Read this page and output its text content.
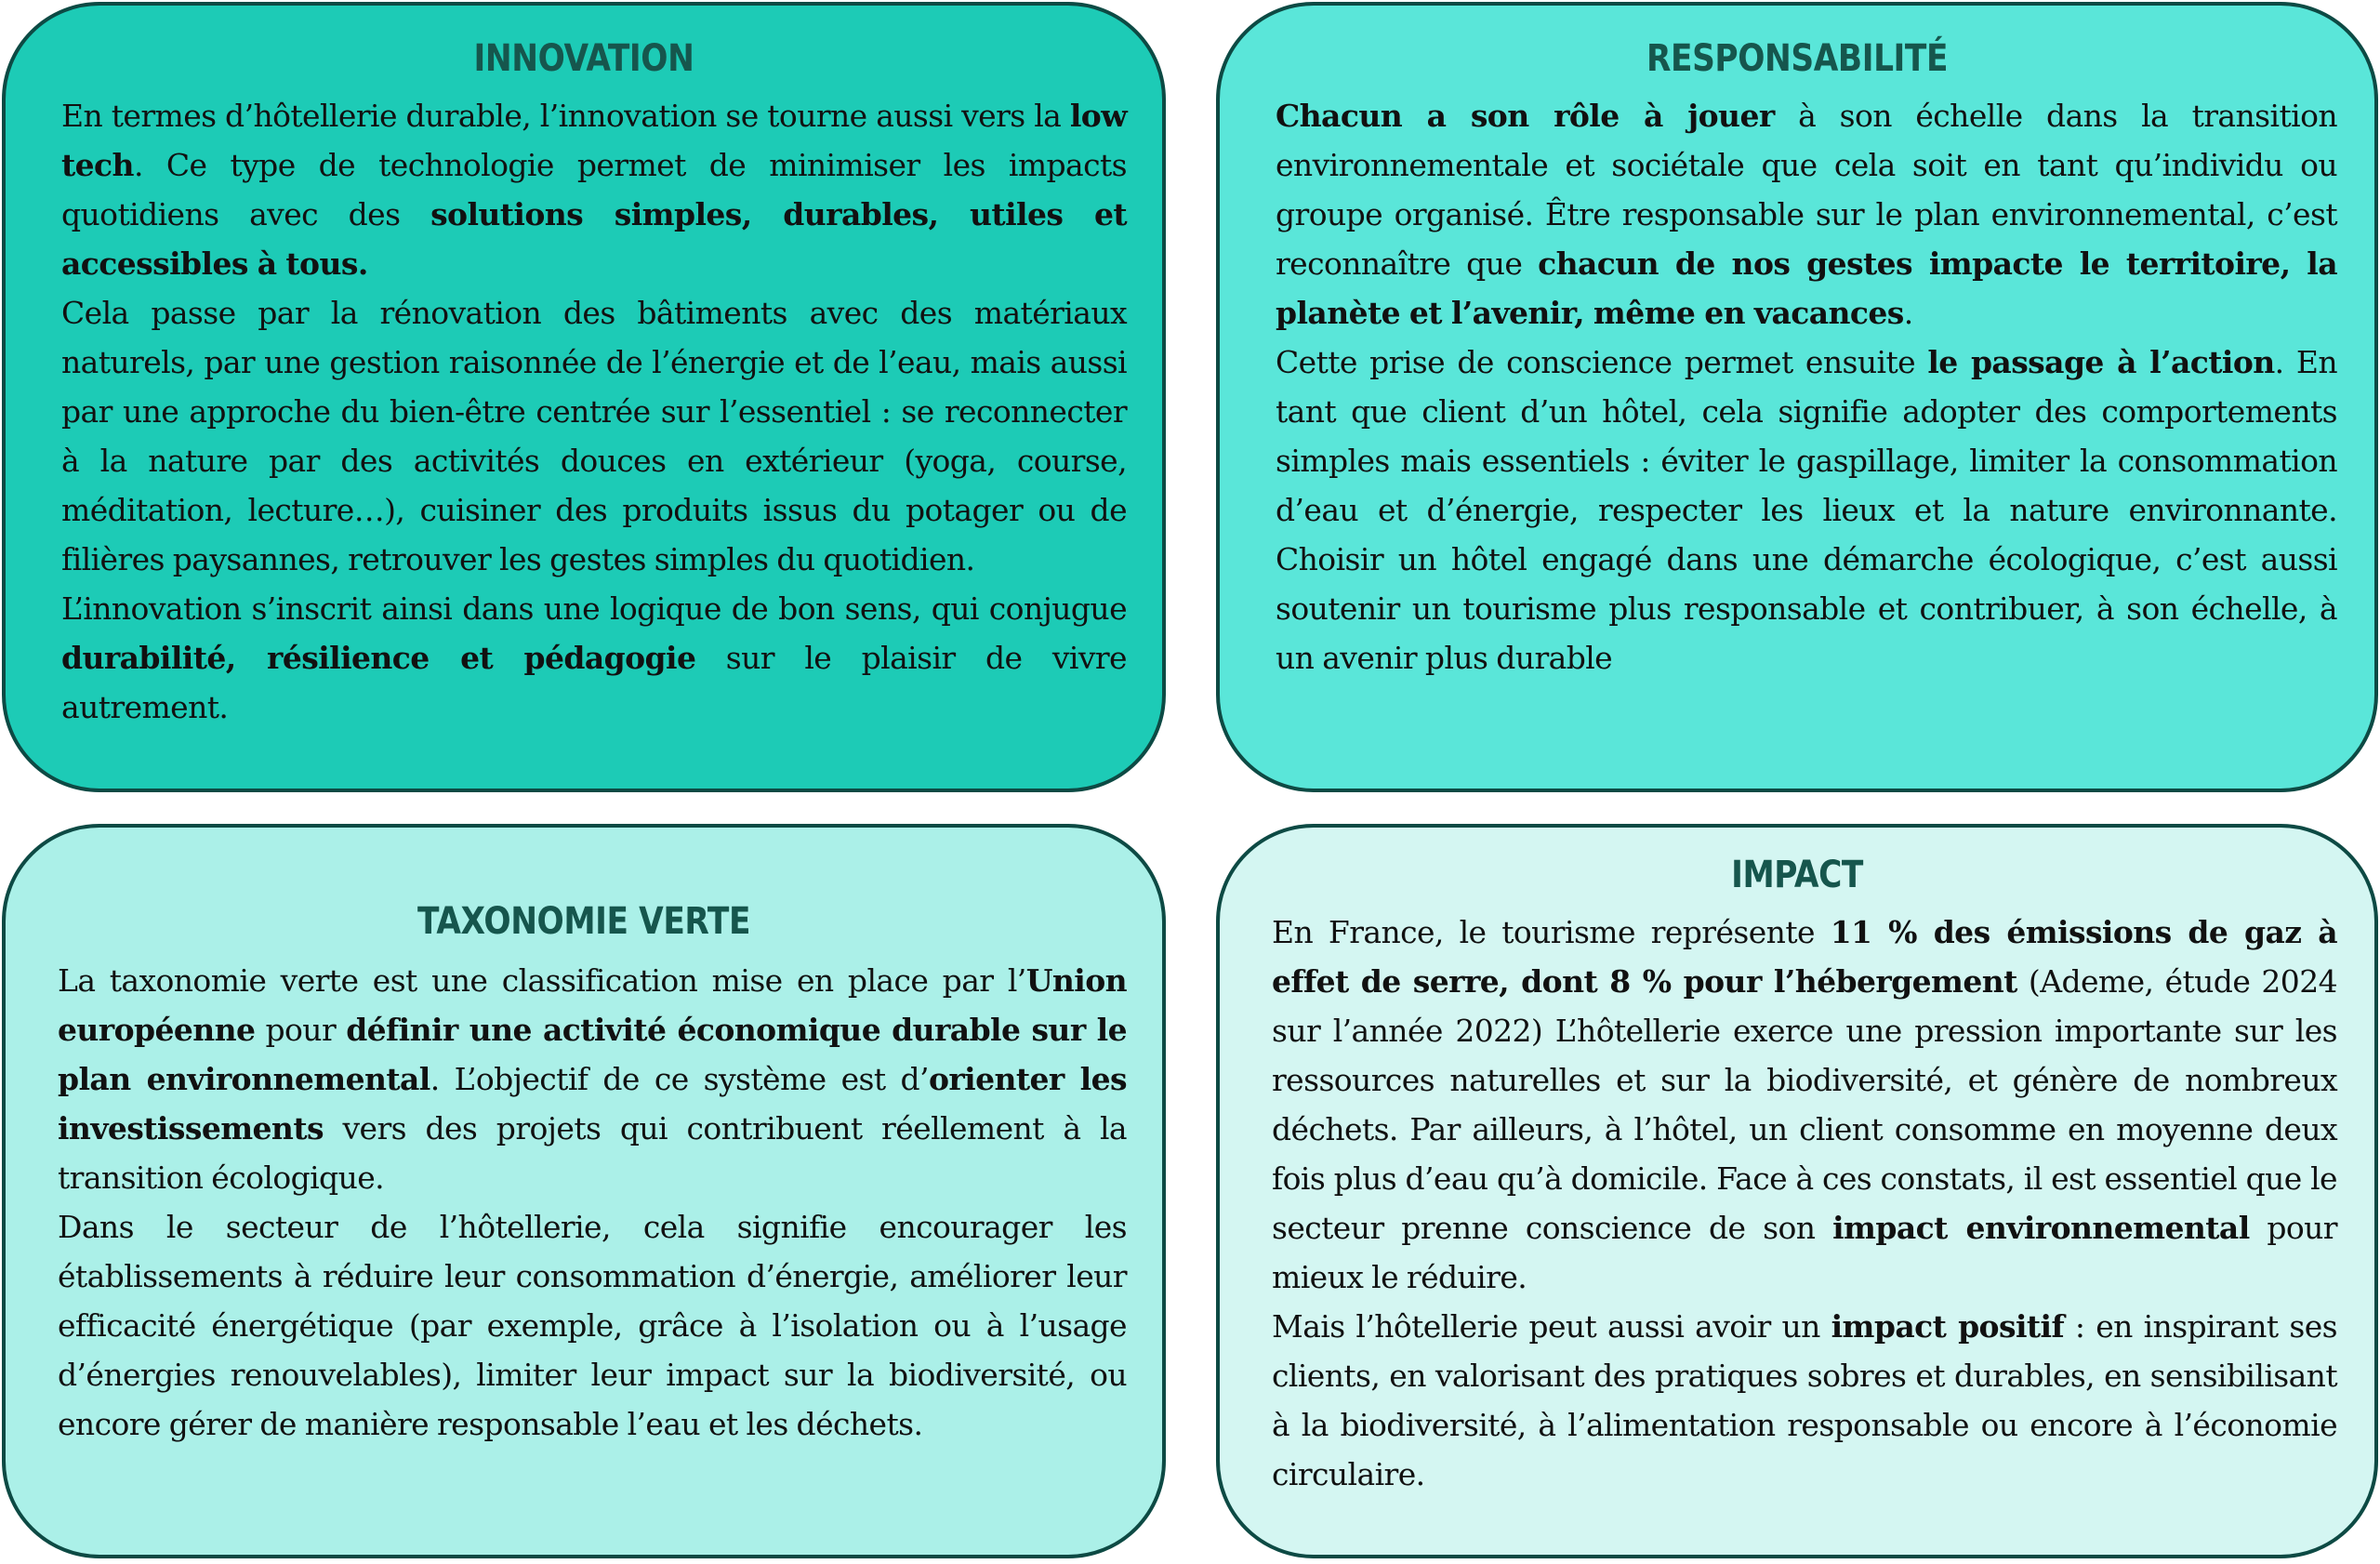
INNOVATION

En termes d’hôtellerie durable, l’innovation se tourne aussi vers la low tech. Ce type de technologie permet de minimiser les impacts quotidiens avec des solutions simples, durables, utiles et accessibles à tous.

Cela passe par la rénovation des bâtiments avec des matériaux naturels, par une gestion raisonnée de l’énergie et de l’eau, mais aussi par une approche du bien-être centrée sur l’essentiel : se reconnecter à la nature par des activités douces en extérieur (yoga, course, méditation, lecture…), cuisiner des produits issus du potager ou de filières paysannes, retrouver les gestes simples du quotidien.

L’innovation s’inscrit ainsi dans une logique de bon sens, qui conjugue durabilité, résilience et pédagogie sur le plaisir de vivre autrement.

RESPONSABILITÉ

Chacun a son rôle à jouer à son échelle dans la transition environnementale et sociétale que cela soit en tant qu’individu ou groupe organisé. Être responsable sur le plan environnemental, c’est reconnaître que chacun de nos gestes impacte le territoire, la planète et l’avenir, même en vacances.

Cette prise de conscience permet ensuite le passage à l’action. En tant que client d’un hôtel, cela signifie adopter des comportements simples mais essentiels : éviter le gaspillage, limiter la consommation d’eau et d’énergie, respecter les lieux et la nature environnante. Choisir un hôtel engagé dans une démarche écologique, c’est aussi soutenir un tourisme plus responsable et contribuer, à son échelle, à un avenir plus durable

TAXONOMIE VERTE

La taxonomie verte est une classification mise en place par l’Union européenne pour définir une activité économique durable sur le plan environnemental. L’objectif de ce système est d’orienter les investissements vers des projets qui contribuent réellement à la transition écologique.

Dans le secteur de l’hôtellerie, cela signifie encourager les établissements à réduire leur consommation d’énergie, améliorer leur efficacité énergétique (par exemple, grâce à l’isolation ou à l’usage d’énergies renouvelables), limiter leur impact sur la biodiversité, ou encore gérer de manière responsable l’eau et les déchets.

IMPACT

En France, le tourisme représente 11 % des émissions de gaz à effet de serre, dont 8 % pour l’hébergement (Ademe, étude 2024 sur l’année 2022) L’hôtellerie exerce une pression importante sur les ressources naturelles et sur la biodiversité, et génère de nombreux déchets. Par ailleurs, à l’hôtel, un client consomme en moyenne deux fois plus d’eau qu’à domicile. Face à ces constats, il est essentiel que le secteur prenne conscience de son impact environnemental pour mieux le réduire.

Mais l’hôtellerie peut aussi avoir un impact positif : en inspirant ses clients, en valorisant des pratiques sobres et durables, en sensibilisant à la biodiversité, à l’alimentation responsable ou encore à l’économie circulaire.
